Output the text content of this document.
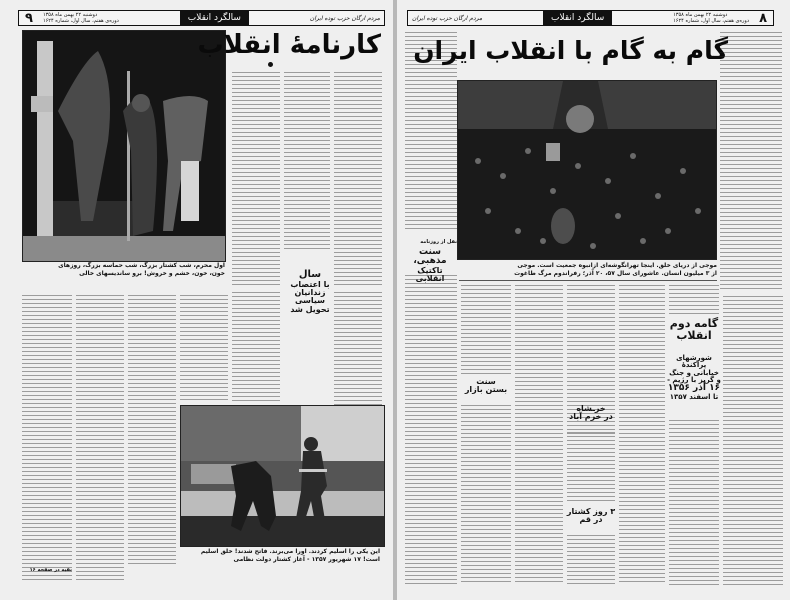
۹	دوشنبه ۲۲ بهمن ماه ۱۳۵۸
دوره‌ی هفتم، سال اول، شماره ۱۶۲۴	سالگرد انقلاب	مردم ارگان حزب توده ایران
اول محرم، شب کشتار بزرگ، شب حماسه بزرگ، روزهای
خون، خون، خشم و خروش! برو ساندیسهای خالی
کارنامهٔ انقلاب
سال
با اعتصاب
زندانیان
سیاسی
تحویل شد
این یکی را اسلیم کردند. اورا می‌برند. فاتح شدند! خلق اسلیم
است! ۱۷ شهریور ۱۳۵۷ - آغاز کشتار دولت نظامی
بقیه در صفحه ۱۶
مردم ارگان حزب توده ایران	سالگرد انقلاب	دوشنبه ۲۲ بهمن ماه ۱۳۵۸
دوره‌ی هفتم، سال اول، شماره ۱۶۲۴ ۸
گام به گام با انقلاب ایران
موجی از دریای خلق. اینجا تهرانگوشه‌ای ازانبوه جمعیت است. موجی
از ۳ میلیون انسان. عاشورای سال ۵۷، ۲۰ آذر؛ رفراندوم مرگ طاغوت
نقل از روزنامه
سنت مذهبی،
تاکتیک انقلابی
سنت
بستن بازار
خرـشاه
در خرم آباد
۳ روز کشتار
در قم
گامه دوم
انقلاب
شورشهای پراکندهٔ
خیابانی و جنگ
و گریز با رژیم -
۱۶ آذر ۱۳۵۶
تا اسفند ۱۳۵۷
